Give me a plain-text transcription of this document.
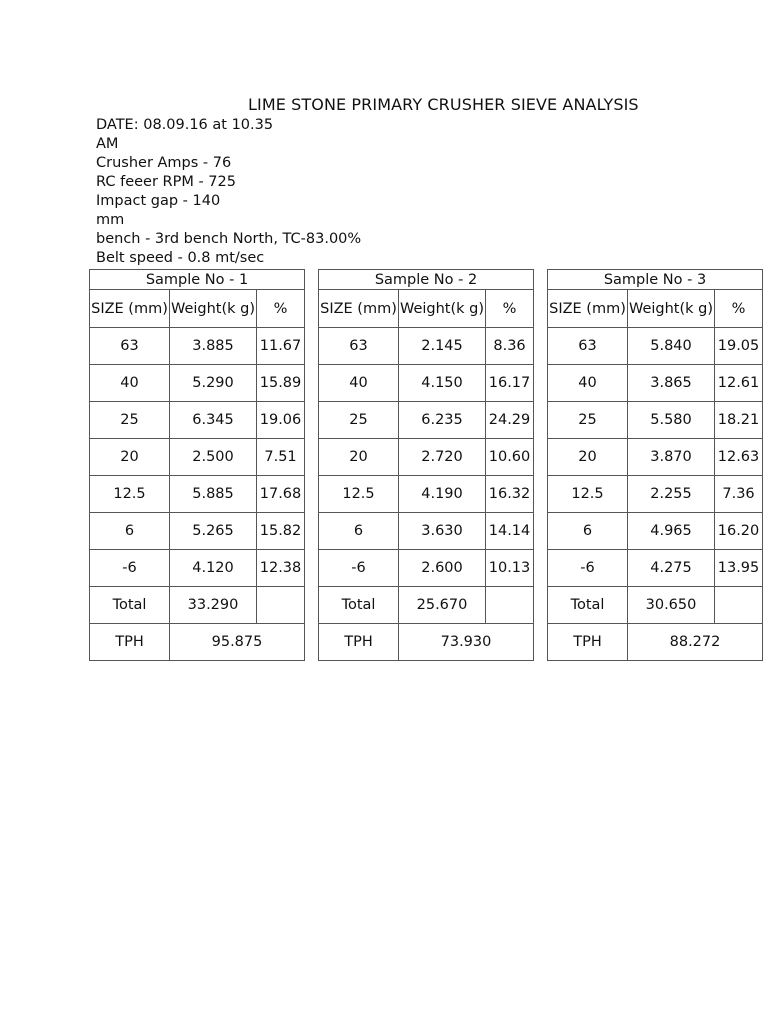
LIME STONE PRIMARY CRUSHER SIEVE ANALYSIS
DATE: 08.09.16 at 10.35
AM
Crusher Amps - 76
RC feeer RPM - 725
Impact gap - 140
mm
bench - 3rd bench North, TC-83.00%
Belt speed - 0.8 mt/sec
Sample No - 1		
SIZE (mm)	Weight(k g)	%
63	3.885	11.67
40	5.290	15.89
25	6.345	19.06
20	2.500	7.51
12.5	5.885	17.68
6	5.265	15.82
-6	4.120	12.38
Total	33.290	
TPH	95.875	
Sample No - 2		
SIZE (mm)	Weight(k g)	%
63	2.145	8.36
40	4.150	16.17
25	6.235	24.29
20	2.720	10.60
12.5	4.190	16.32
6	3.630	14.14
-6	2.600	10.13
Total	25.670	
TPH	73.930	
Sample No - 3		
SIZE (mm)	Weight(k g)	%
63	5.840	19.05
40	3.865	12.61
25	5.580	18.21
20	3.870	12.63
12.5	2.255	7.36
6	4.965	16.20
-6	4.275	13.95
Total	30.650	
TPH	88.272	
